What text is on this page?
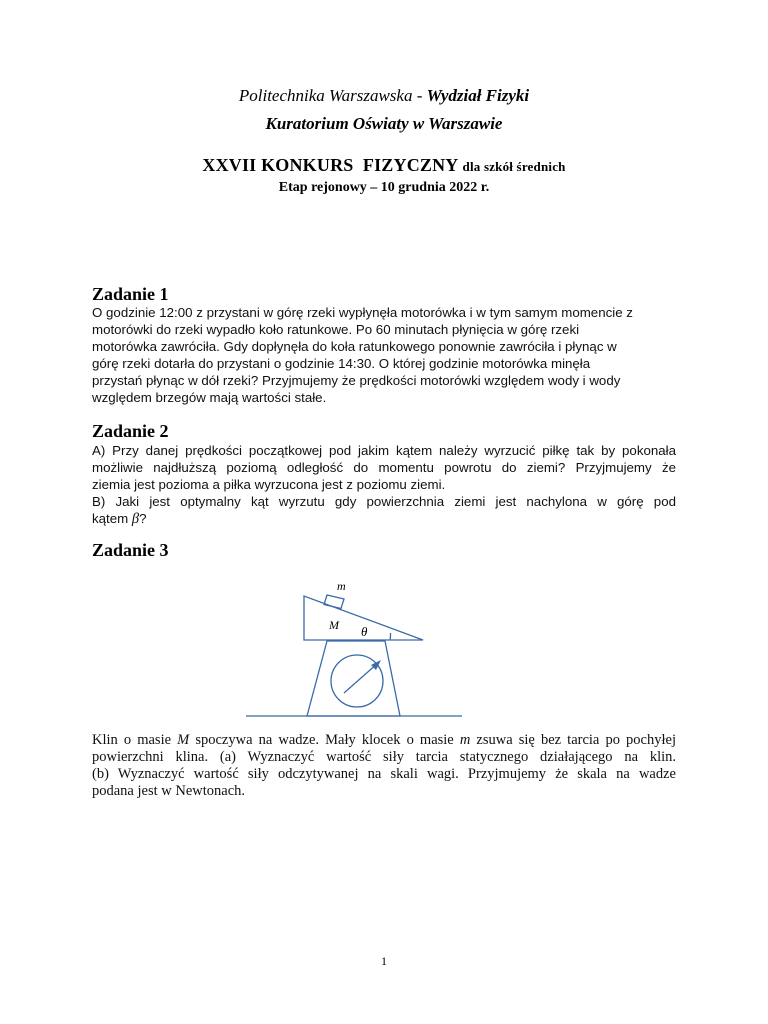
Politechnika Warszawska - Wydział Fizyki
Kuratorium Oświaty w Warszawie
XXVII KONKURS  FIZYCZNY dla szkół średnich
Etap rejonowy – 10 grudnia 2022 r.
Zadanie 1
O godzinie 12:00 z przystani w górę rzeki wypłynęła motorówka i w tym samym momencie z
motorówki do rzeki wypadło koło ratunkowe. Po 60 minutach płynięcia w górę rzeki
motorówka zawróciła. Gdy dopłynęła do koła ratunkowego ponownie zawróciła i płynąc w
górę rzeki dotarła do przystani o godzinie 14:30. O której godzinie motorówka minęła
przystań płynąc w dół rzeki? Przyjmujemy że prędkości motorówki względem wody i wody
względem brzegów mają wartości stałe.
Zadanie 2
A) Przy danej prędkości początkowej pod jakim kątem należy wyrzucić piłkę tak by pokonała
możliwie najdłuższą poziomą odległość do momentu powrotu do ziemi? Przyjmujemy że
ziemia jest pozioma a piłka wyrzucona jest z poziomu ziemi.
B) Jaki jest optymalny kąt wyrzutu gdy powierzchnia ziemi jest nachylona w górę pod
kątem β?
Zadanie 3
m
M θ
Klin o masie M spoczywa na wadze. Mały klocek o masie m zsuwa się bez tarcia po pochyłej
powierzchni klina. (a) Wyznaczyć wartość siły tarcia statycznego działającego na klin.
(b) Wyznaczyć wartość siły odczytywanej na skali wagi. Przyjmujemy że skala na wadze
podana jest w Newtonach.
1
